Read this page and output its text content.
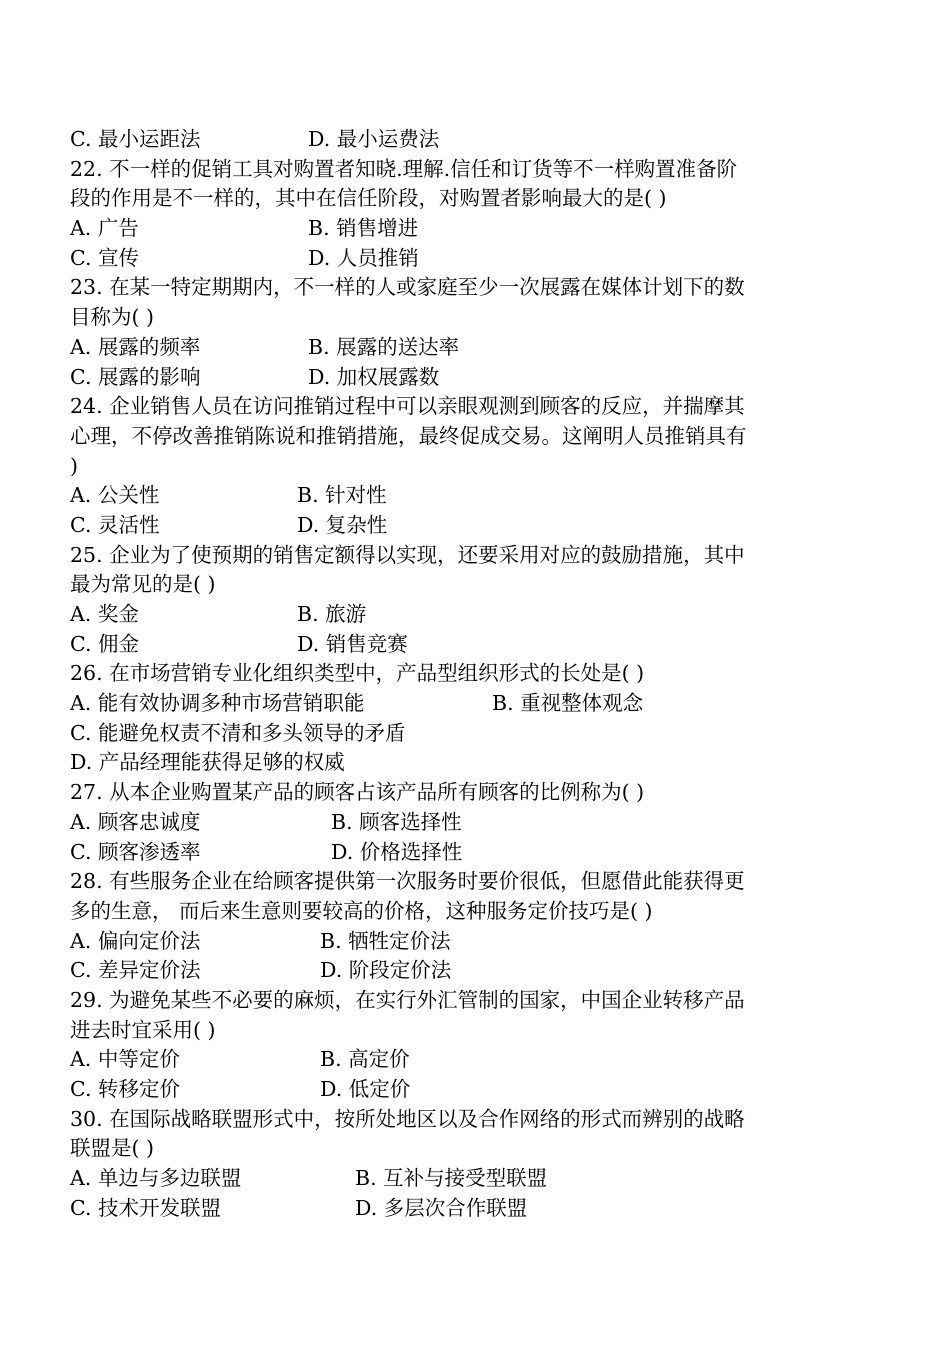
C. 最小运距法	D. 最小运费法
22. 不一样的促销工具对购置者知晓.理解.信任和订货等不一样购置准备阶
段的作用是不一样的，其中在信任阶段，对购置者影响最大的是( )
A. 广告	B. 销售增进
C. 宣传	D. 人员推销
23. 在某一特定期期内，不一样的人或家庭至少一次展露在媒体计划下的数
目称为( )
A. 展露的频率	B. 展露的送达率
C. 展露的影响	D. 加权展露数
24. 企业销售人员在访问推销过程中可以亲眼观测到顾客的反应，并揣摩其
心理，不停改善推销陈说和推销措施，最终促成交易。这阐明人员推销具有
)
A. 公关性	B. 针对性
C. 灵活性	D. 复杂性
25. 企业为了使预期的销售定额得以实现，还要采用对应的鼓励措施，其中
最为常见的是( )
A. 奖金	B. 旅游
C. 佣金	D. 销售竞赛
26. 在市场营销专业化组织类型中，产品型组织形式的长处是( )
A. 能有效协调多种市场营销职能	B. 重视整体观念
C. 能避免权责不清和多头领导的矛盾
D. 产品经理能获得足够的权威
27. 从本企业购置某产品的顾客占该产品所有顾客的比例称为( )
A. 顾客忠诚度	B. 顾客选择性
C. 顾客渗透率	D. 价格选择性
28. 有些服务企业在给顾客提供第一次服务时要价很低，但愿借此能获得更
多的生意， 而后来生意则要较高的价格，这种服务定价技巧是( )
A. 偏向定价法	B. 牺牲定价法
C. 差异定价法	D. 阶段定价法
29. 为避免某些不必要的麻烦，在实行外汇管制的国家，中国企业转移产品
进去时宜采用( )
A. 中等定价	B. 高定价
C. 转移定价	D. 低定价
30. 在国际战略联盟形式中，按所处地区以及合作网络的形式而辨别的战略
联盟是( )
A. 单边与多边联盟	B. 互补与接受型联盟
C. 技术开发联盟	D. 多层次合作联盟
